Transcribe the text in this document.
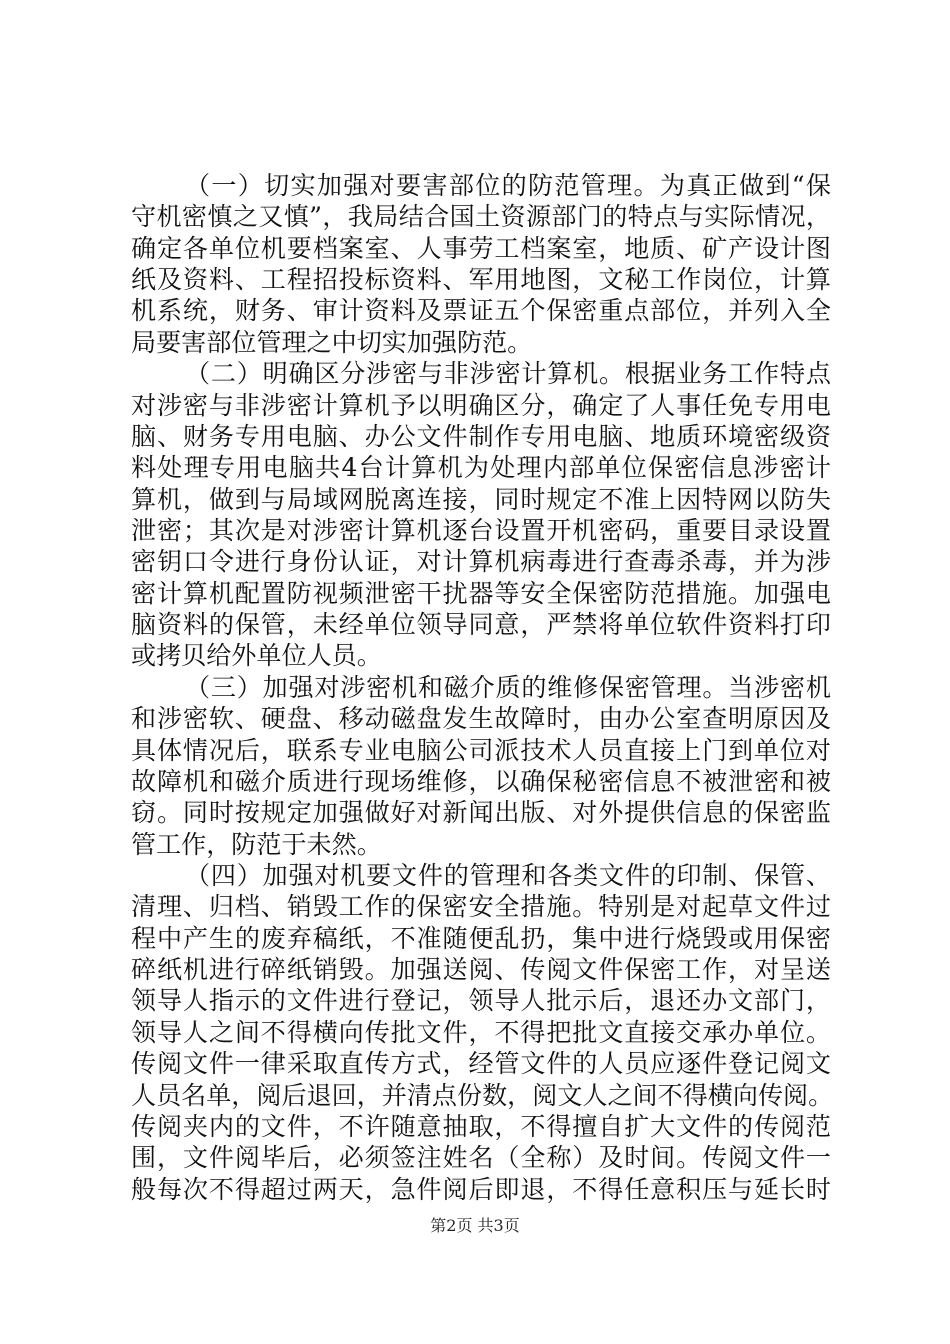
（一）切实加强对要害部位的防范管理。为真正做到“保
守机密慎之又慎”，我局结合国土资源部门的特点与实际情况，
确定各单位机要档案室、人事劳工档案室，地质、矿产设计图
纸及资料、工程招投标资料、军用地图，文秘工作岗位，计算
机系统，财务、审计资料及票证五个保密重点部位，并列入全
局要害部位管理之中切实加强防范。
（二）明确区分涉密与非涉密计算机。根据业务工作特点
对涉密与非涉密计算机予以明确区分，确定了人事任免专用电
脑、财务专用电脑、办公文件制作专用电脑、地质环境密级资
料处理专用电脑共4台计算机为处理内部单位保密信息涉密计
算机，做到与局域网脱离连接，同时规定不准上因特网以防失
泄密；其次是对涉密计算机逐台设置开机密码，重要目录设置
密钥口令进行身份认证，对计算机病毒进行查毒杀毒，并为涉
密计算机配置防视频泄密干扰器等安全保密防范措施。加强电
脑资料的保管，未经单位领导同意，严禁将单位软件资料打印
或拷贝给外单位人员。
（三）加强对涉密机和磁介质的维修保密管理。当涉密机
和涉密软、硬盘、移动磁盘发生故障时，由办公室查明原因及
具体情况后，联系专业电脑公司派技术人员直接上门到单位对
故障机和磁介质进行现场维修，以确保秘密信息不被泄密和被
窃。同时按规定加强做好对新闻出版、对外提供信息的保密监
管工作，防范于未然。
（四）加强对机要文件的管理和各类文件的印制、保管、
清理、归档、销毁工作的保密安全措施。特别是对起草文件过
程中产生的废弃稿纸，不准随便乱扔，集中进行烧毁或用保密
碎纸机进行碎纸销毁。加强送阅、传阅文件保密工作，对呈送
领导人指示的文件进行登记，领导人批示后，退还办文部门，
领导人之间不得横向传批文件，不得把批文直接交承办单位。
传阅文件一律采取直传方式，经管文件的人员应逐件登记阅文
人员名单，阅后退回，并清点份数，阅文人之间不得横向传阅。
传阅夹内的文件，不许随意抽取，不得擅自扩大文件的传阅范
围，文件阅毕后，必须签注姓名（全称）及时间。传阅文件一
般每次不得超过两天，急件阅后即退，不得任意积压与延长时
第2页 共3页
